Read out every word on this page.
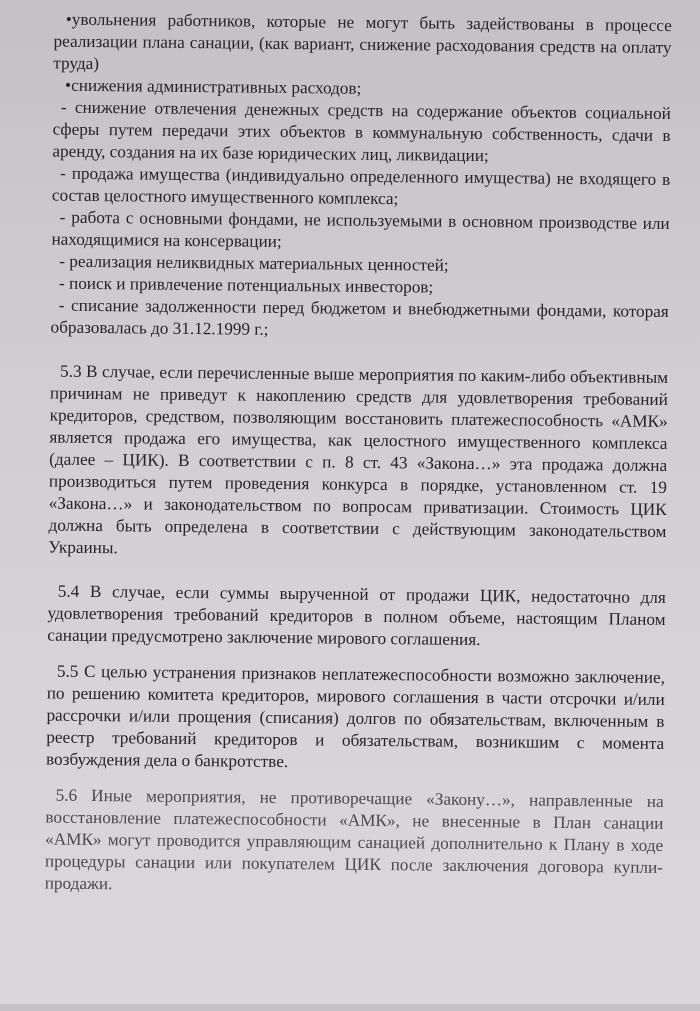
•увольнения работников, которые не могут быть задействованы в процессе реализации плана санации, (как вариант, снижение расходования средств на оплату труда)

•снижения административных расходов;

- снижение отвлечения денежных средств на содержание объектов социальной сферы путем передачи этих объектов в коммунальную собственность, сдачи в аренду, создания на их базе юридических лиц, ликвидации;

- продажа имущества (индивидуально определенного имущества) не входящего в состав целостного имущественного комплекса;

- работа с основными фондами, не используемыми в основном производстве или находящимися на консервации;

- реализация неликвидных материальных ценностей;

- поиск и привлечение потенциальных инвесторов;

- списание задолженности перед бюджетом и внебюджетными фондами, которая образовалась до 31.12.1999 г.;

5.3 В случае, если перечисленные выше мероприятия по каким-либо объективным причинам не приведут к накоплению средств для удовлетворения требований кредиторов, средством, позволяющим восстановить платежеспособность «АМК» является продажа его имущества, как целостного имущественного комплекса (далее – ЦИК). В соответствии с п. 8 ст. 43 «Закона…» эта продажа должна производиться путем проведения конкурса в порядке, установленном ст. 19 «Закона…» и законодательством по вопросам приватизации. Стоимость ЦИК должна быть определена в соответствии с действующим законодательством Украины.

5.4 В случае, если суммы вырученной от продажи ЦИК, недостаточно для удовлетворения требований кредиторов в полном объеме, настоящим Планом санации предусмотрено заключение мирового соглашения.

5.5 С целью устранения признаков неплатежеспособности возможно заключение, по решению комитета кредиторов, мирового соглашения в части отсрочки и/или рассрочки и/или прощения (списания) долгов по обязательствам, включенным в реестр требований кредиторов и обязательствам, возникшим с момента возбуждения дела о банкротстве.

5.6 Иные мероприятия, не противоречащие «Закону…», направленные на восстановление платежеспособности «АМК», не внесенные в План санации «АМК» могут проводится управляющим санацией дополнительно к Плану в ходе процедуры санации или покупателем ЦИК после заключения договора купли-продажи.
